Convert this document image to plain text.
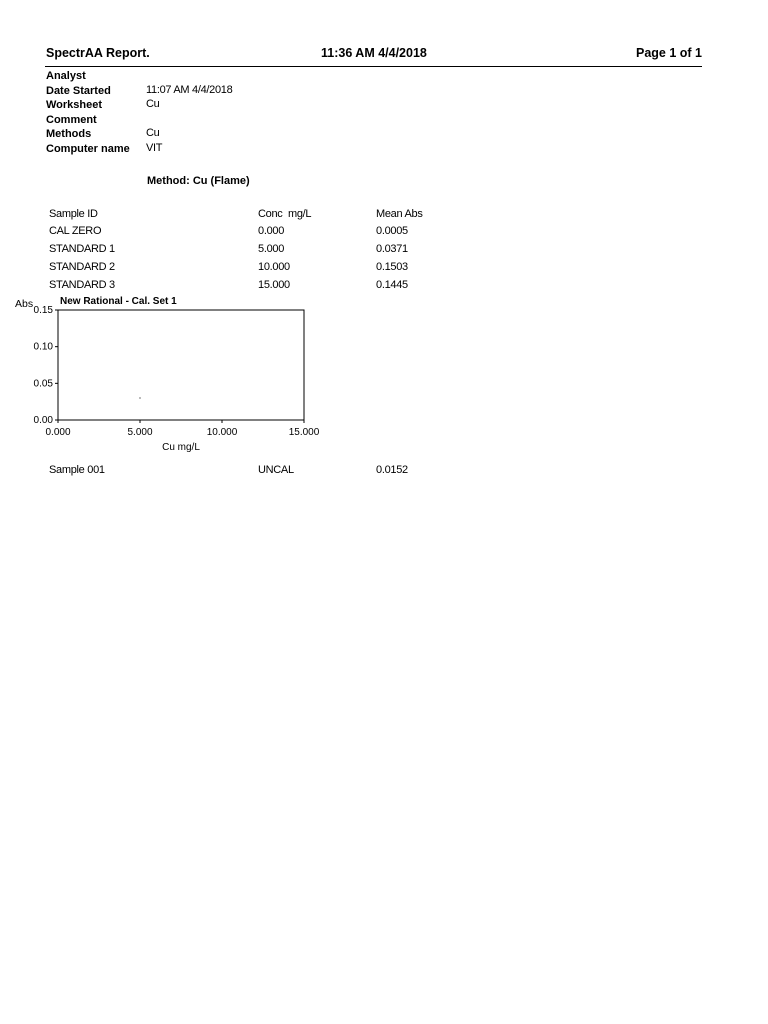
SpectrAA Report.	11:36 AM 4/4/2018	Page 1 of 1
Analyst
Date Started	11:07 AM 4/4/2018
Worksheet	Cu
Comment
Methods	Cu
Computer name VIT
Method: Cu (Flame)
Sample ID	Conc  mg/L	Mean Abs
CAL ZERO	0.000	0.0005
STANDARD 1	5.000	0.0371
STANDARD 2	10.000	0.1503
STANDARD 3	15.000	0.1445
New Rational - Cal. Set 1
Abs
Cu mg/L
0.00
0.05
0.10
0.15
0.000	5.000	10.000	15.000
Sample 001	UNCAL	0.0152
